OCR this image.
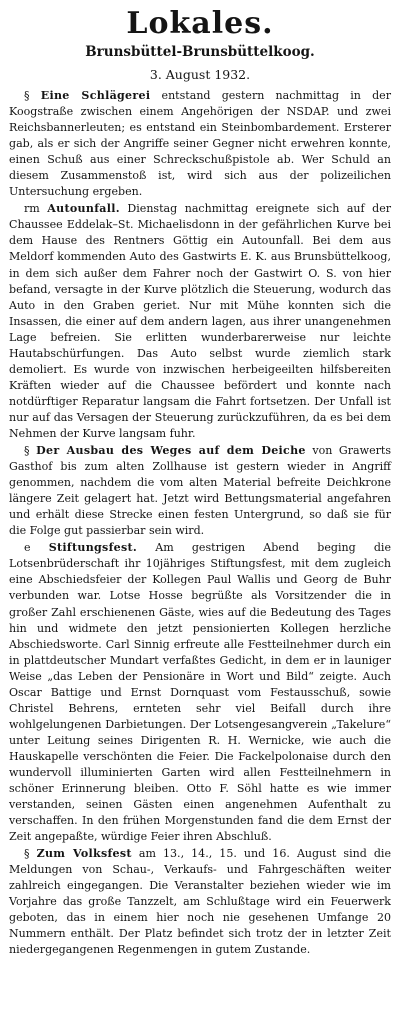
Lokales.
Brunsbüttel-Brunsbüttelkoog.
3. August 1932.

§ Eine Schlägerei entstand gestern nachmittag in der Koogstraße zwischen einem Angehörigen der NSDAP. und zwei Reichsbannerleuten; es entstand ein Steinbombardement. Ersterer gab, als er sich der Angriffe seiner Gegner nicht erwehren konnte, einen Schuß aus einer Schreckschußpistole ab. Wer Schuld an diesem Zusammenstoß ist, wird sich aus der polizeilichen Untersuchung ergeben.

rm Autounfall. Dienstag nachmittag ereignete sich auf der Chaussee Eddelak–St. Michaelisdonn in der gefährlichen Kurve bei dem Hause des Rentners Göttig ein Autounfall. Bei dem aus Meldorf kommenden Auto des Gastwirts E. K. aus Brunsbüttelkoog, in dem sich außer dem Fahrer noch der Gastwirt O. S. von hier befand, versagte in der Kurve plötzlich die Steuerung, wodurch das Auto in den Graben geriet. Nur mit Mühe konnten sich die Insassen, die einer auf dem andern lagen, aus ihrer unangenehmen Lage befreien. Sie erlitten wunderbarerweise nur leichte Hautabschürfungen. Das Auto selbst wurde ziemlich stark demoliert. Es wurde von inzwischen herbeigeeilten hilfsbereiten Kräften wieder auf die Chaussee befördert und konnte nach notdürftiger Reparatur langsam die Fahrt fortsetzen. Der Unfall ist nur auf das Versagen der Steuerung zurückzuführen, da es bei dem Nehmen der Kurve langsam fuhr.

§ Der Ausbau des Weges auf dem Deiche von Grawerts Gasthof bis zum alten Zollhause ist gestern wieder in Angriff genommen, nachdem die vom alten Material befreite Deichkrone längere Zeit gelagert hat. Jetzt wird Bettungsmaterial angefahren und erhält diese Strecke einen festen Untergrund, so daß sie für die Folge gut passierbar sein wird.

e Stiftungsfest. Am gestrigen Abend beging die Lotsenbrüderschaft ihr 10jähriges Stiftungsfest, mit dem zugleich eine Abschiedsfeier der Kollegen Paul Wallis und Georg de Buhr verbunden war. Lotse Hosse begrüßte als Vorsitzender die in großer Zahl erschienenen Gäste, wies auf die Bedeutung des Tages hin und widmete den jetzt pensionierten Kollegen herzliche Abschiedsworte. Carl Sinnig erfreute alle Festteilnehmer durch ein in plattdeutscher Mundart verfaßtes Gedicht, in dem er in launiger Weise „das Leben der Pensionäre in Wort und Bild“ zeigte. Auch Oscar Battige und Ernst Dornquast vom Festausschuß, sowie Christel Behrens, ernteten sehr viel Beifall durch ihre wohlgelungenen Darbietungen. Der Lotsengesangverein „Takelure“ unter Leitung seines Dirigenten R. H. Wernicke, wie auch die Hauskapelle verschönten die Feier. Die Fackelpolonaise durch den wundervoll illuminierten Garten wird allen Festteilnehmern in schöner Erinnerung bleiben. Otto F. Söhl hatte es wie immer verstanden, seinen Gästen einen angenehmen Aufenthalt zu verschaffen. In den frühen Morgenstunden fand die dem Ernst der Zeit angepaßte, würdige Feier ihren Abschluß.

§ Zum Volksfest am 13., 14., 15. und 16. August sind die Meldungen von Schau-, Verkaufs- und Fahrgeschäften weiter zahlreich eingegangen. Die Veranstalter beziehen wieder wie im Vorjahre das große Tanzzelt, am Schlußtage wird ein Feuerwerk geboten, das in einem hier noch nie gesehenen Umfange 20 Nummern enthält. Der Platz befindet sich trotz der in letzter Zeit niedergegangenen Regenmengen in gutem Zustande.
